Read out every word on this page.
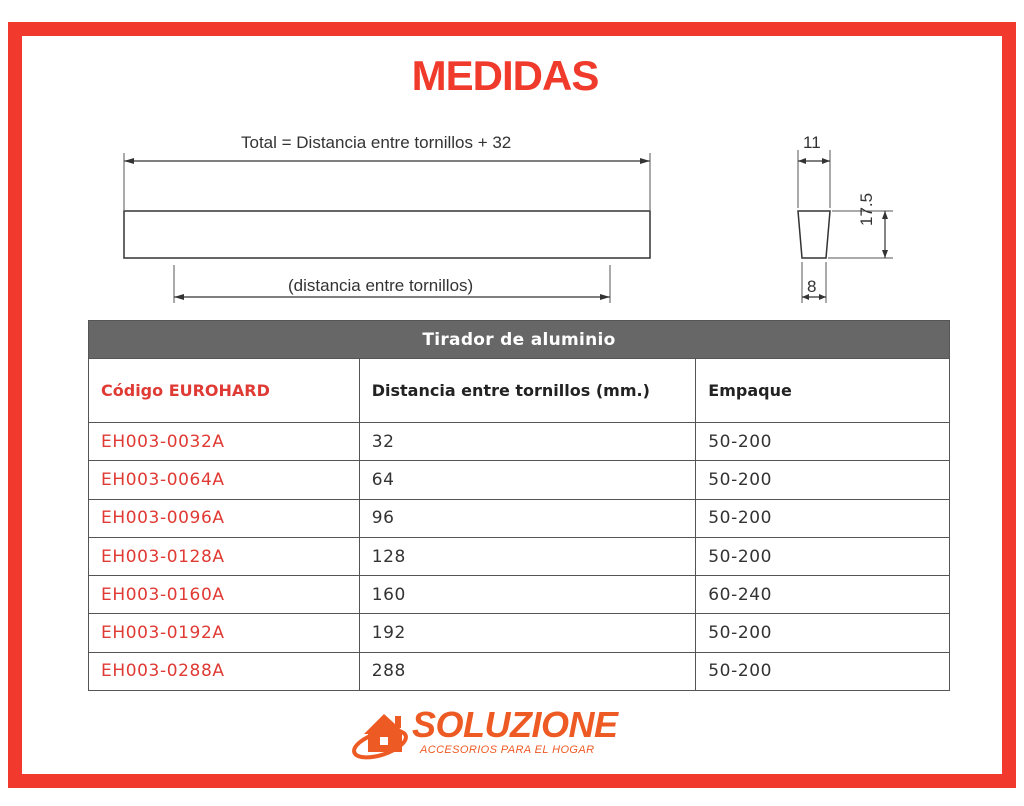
MEDIDAS
Total = Distancia entre tornillos + 32
(distancia entre tornillos)
11
17.5
8
Tirador de aluminio		
Código EUROHARD	Distancia entre tornillos (mm.)	Empaque
EH003-0032A	32	50-200
EH003-0064A	64	50-200
EH003-0096A	96	50-200
EH003-0128A	128	50-200
EH003-0160A	160	60-240
EH003-0192A	192	50-200
EH003-0288A	288	50-200
SOLUZIONE
ACCESORIOS PARA EL HOGAR
